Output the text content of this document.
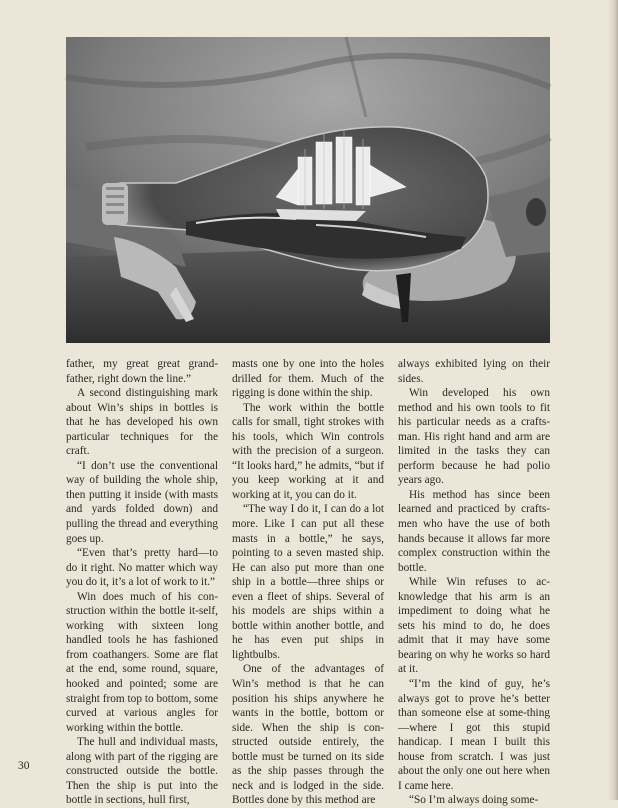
father, my great great grand-father, right down the line.”

A second distinguishing mark about Win’s ships in bottles is that he has developed his own particular techniques for the craft.

“I don’t use the conventional way of building the whole ship, then putting it inside (with masts and yards folded down) and pulling the thread and everything goes up.

“Even that’s pretty hard—to do it right. No matter which way you do it, it’s a lot of work to it.”

Win does much of his con-struction within the bottle it-self, working with sixteen long handled tools he has fashioned from coathangers. Some are flat at the end, some round, square, hooked and pointed; some are straight from top to bottom, some curved at various angles for working within the bottle.

The hull and individual masts, along with part of the rigging are constructed outside the bottle. Then the ship is put into the bottle in sections, hull first,

masts one by one into the holes drilled for them. Much of the rigging is done within the ship.

The work within the bottle calls for small, tight strokes with his tools, which Win controls with the precision of a surgeon. “It looks hard,” he admits, “but if you keep working at it and working at it, you can do it.

“The way I do it, I can do a lot more. Like I can put all these masts in a bottle,” he says, pointing to a seven masted ship. He can also put more than one ship in a bottle—three ships or even a fleet of ships. Several of his models are ships within a bottle within another bottle, and he has even put ships in lightbulbs.

One of the advantages of Win’s method is that he can position his ships anywhere he wants in the bottle, bottom or side. When the ship is con-structed outside entirely, the bottle must be turned on its side as the ship passes through the neck and is lodged in the side. Bottles done by this method are

always exhibited lying on their sides.

Win developed his own method and his own tools to fit his particular needs as a crafts-man. His right hand and arm are limited in the tasks they can perform because he had polio years ago.

His method has since been learned and practiced by crafts-men who have the use of both hands because it allows far more complex construction within the bottle.

While Win refuses to ac-knowledge that his arm is an impediment to doing what he sets his mind to do, he does admit that it may have some bearing on why he works so hard at it.

“I’m the kind of guy, he’s always got to prove he’s better than someone else at some-thing—where I got this stupid handicap. I mean I built this house from scratch. I was just about the only one out here when I came here.

“So I’m always doing some-

30
